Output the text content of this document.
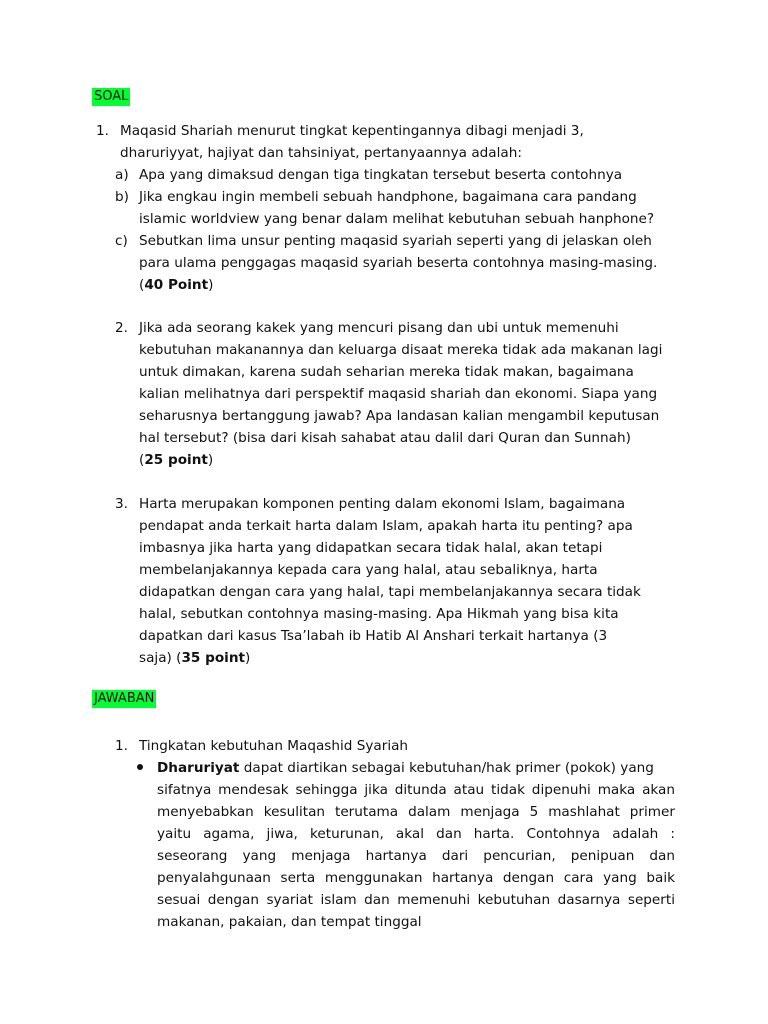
SOAL
1. Maqasid Shariah menurut tingkat kepentingannya dibagi menjadi 3,
dharuriyyat, hajiyat dan tahsiniyat, pertanyaannya adalah:
a) Apa yang dimaksud dengan tiga tingkatan tersebut beserta contohnya
b) Jika engkau ingin membeli sebuah handphone, bagaimana cara pandang
islamic worldview yang benar dalam melihat kebutuhan sebuah hanphone?
c) Sebutkan lima unsur penting maqasid syariah seperti yang di jelaskan oleh
para ulama penggagas maqasid syariah beserta contohnya masing-masing.
(40 Point)
2. Jika ada seorang kakek yang mencuri pisang dan ubi untuk memenuhi
kebutuhan makanannya dan keluarga disaat mereka tidak ada makanan lagi
untuk dimakan, karena sudah seharian mereka tidak makan, bagaimana
kalian melihatnya dari perspektif maqasid shariah dan ekonomi. Siapa yang
seharusnya bertanggung jawab? Apa landasan kalian mengambil keputusan
hal tersebut? (bisa dari kisah sahabat atau dalil dari Quran dan Sunnah)
(25 point)
3. Harta merupakan komponen penting dalam ekonomi Islam, bagaimana
pendapat anda terkait harta dalam Islam, apakah harta itu penting? apa
imbasnya jika harta yang didapatkan secara tidak halal, akan tetapi
membelanjakannya kepada cara yang halal, atau sebaliknya, harta
didapatkan dengan cara yang halal, tapi membelanjakannya secara tidak
halal, sebutkan contohnya masing-masing. Apa Hikmah yang bisa kita
dapatkan dari kasus Tsa’labah ib Hatib Al Anshari terkait hartanya (3
saja) (35 point)
JAWABAN
1. Tingkatan kebutuhan Maqashid Syariah
Dharuriyat dapat diartikan sebagai kebutuhan/hak primer (pokok) yang
sifatnya mendesak sehingga jika ditunda atau tidak dipenuhi maka akan
menyebabkan kesulitan terutama dalam menjaga 5 mashlahat primer
yaitu agama, jiwa, keturunan, akal dan harta. Contohnya adalah :
seseorang yang menjaga hartanya dari pencurian, penipuan dan
penyalahgunaan serta menggunakan hartanya dengan cara yang baik
sesuai dengan syariat islam dan memenuhi kebutuhan dasarnya seperti
makanan, pakaian, dan tempat tinggal
